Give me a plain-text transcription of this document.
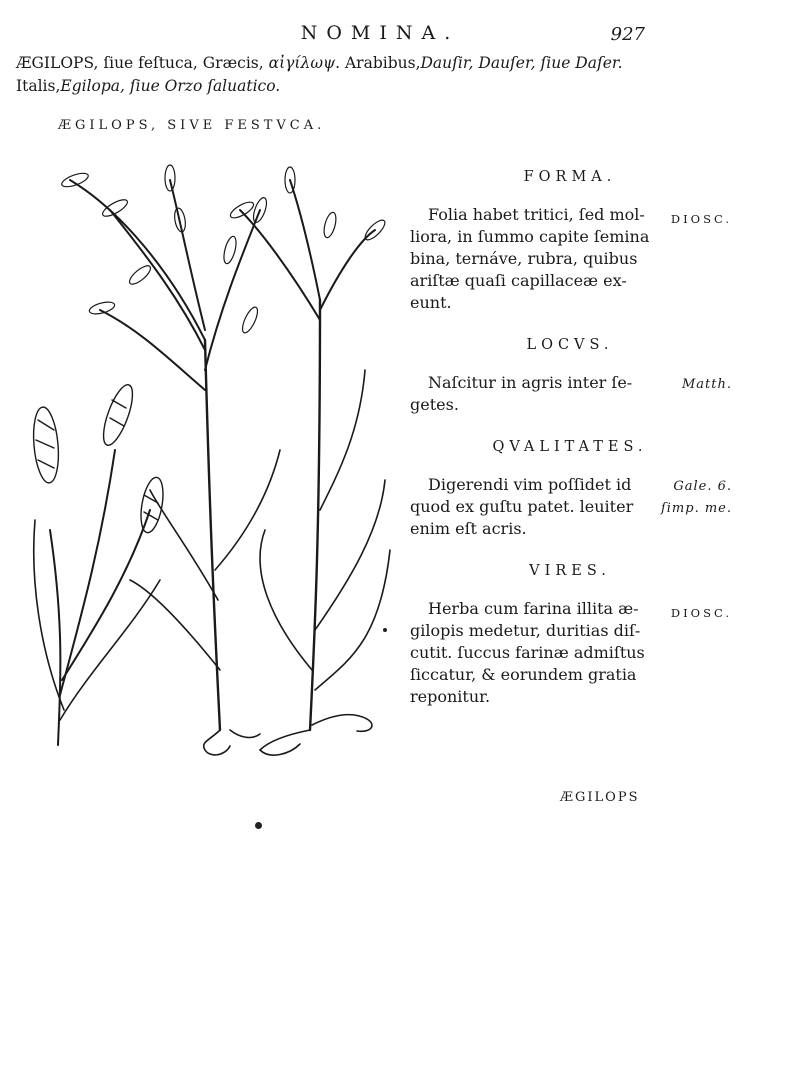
NOMINA.	927
ÆGILOPS, ſiue feſtuca, Græcis, αἰγίλωψ. Arabibus,Dauſir, Dauſer, ſiue Daſer.
Italis,Egilopa, ſiue Orzo ſaluatico.
ÆGILOPS, SIVE FESTVCA.

FORMA.

Folia habet tritici, ſed mol-
liora, in ſummo capite ſemina
bina, ternáve, rubra, quibus
ariſtæ quaſi capillaceæ ex-
eunt.
DIOSC.

LOCVS.

Naſcitur in agris inter ſe-
getes.
Matth.

QVALITATES.

Digerendi vim poſſidet id
quod ex guſtu patet. leuiter
enim eſt acris.
Gale. 6.
ſimp. me.

VIRES.

Herba cum farina illita æ-
gilopis medetur, duritias diſ-
cutit. ſuccus farinæ admiſtus
ſiccatur, & eorundem gratia
reponitur.
DIOSC.
ÆGILOPS
